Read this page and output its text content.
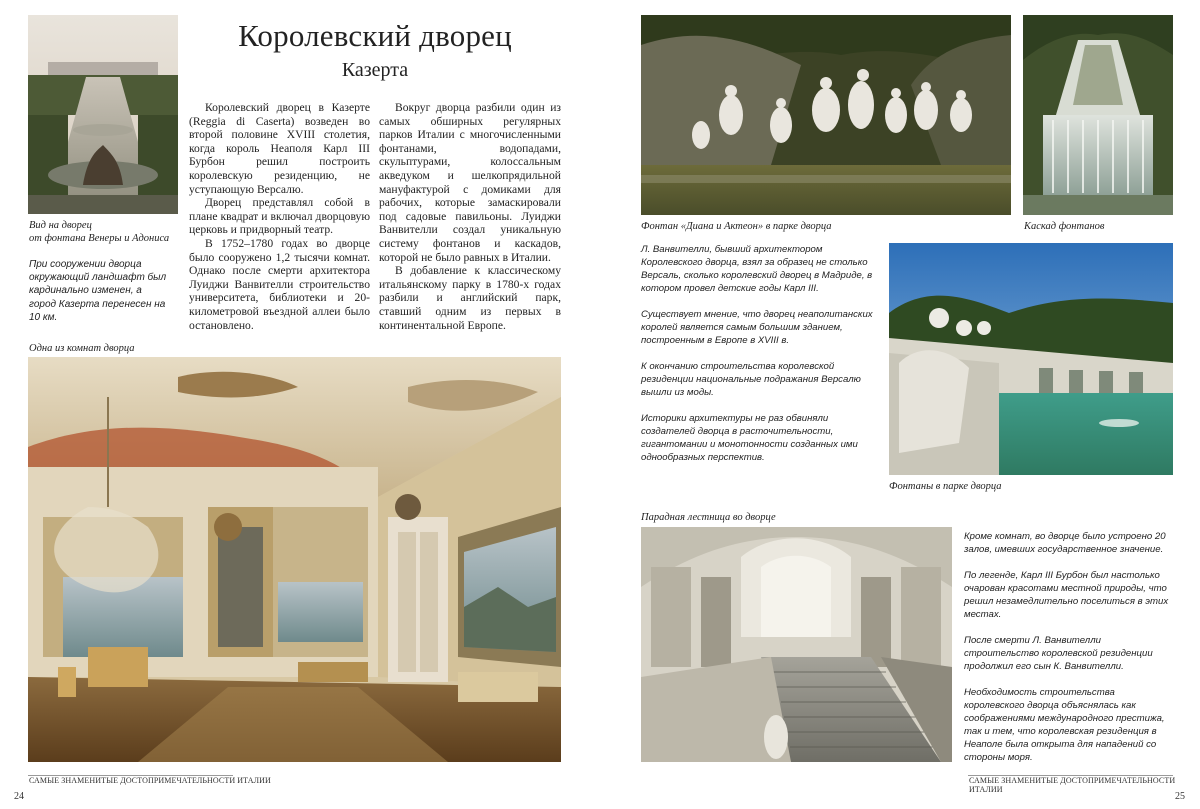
Вид на дворец
от фонтана Венеры и Адониса
При сооружении дворца окружающий ландшафт был кардинально изменен, а город Казерта перенесен на 10 км.
Королевский дворец
Казерта

Королевский дворец в Казерте (Reggia di Caserta) возведен во второй половине XVIII столетия, когда король Неаполя Карл III Бурбон решил построить королевскую резиденцию, не уступающую Версалю.

Дворец представлял собой в плане квадрат и включал дворцовую церковь и придворный театр.

В 1752–1780 годах во дворце было сооружено 1,2 тысячи комнат. Однако после смерти архитектора Луиджи Ванвителли строительство университета, библиотеки и 20-километровой въездной аллеи было остановлено.

Вокруг дворца разбили один из самых обширных регулярных парков Италии с многочисленными фонтанами, водопадами, скульптурами, колоссальным акведуком и шелкопрядильной мануфактурой с домиками для рабочих, которые замаскировали под садовые павильоны. Луиджи Ванвителли создал уникальную систему фонтанов и каскадов, которой не было равных в Италии.

В добавление к классическому итальянскому парку в 1780-х годах разбили и английский парк, ставший одним из первых в континентальной Европе.

Одна из комнат дворца
САМЫЕ ЗНАМЕНИТЫЕ ДОСТОПРИМЕЧАТЕЛЬНОСТИ ИТАЛИИ
24
Фонтан «Диана и Актеон» в парке дворца	Каскад фонтанов

Л. Ванвителли, бывший архитектором Королевского дворца, взял за образец не столько Версаль, сколько королевский дворец в Мадриде, в котором провел детские годы Карл III.

Существует мнение, что дворец неаполитанских королей является самым большим зданием, построенным в Европе в XVIII в.

К окончанию строительства королевской резиденции национальные подражания Версалю вышли из моды.

Историки архитектуры не раз обвиняли создателей дворца в расточительности, гигантомании и монотонности созданных ими однообразных перспектив.

Фонтаны в парке дворца
Парадная лестница во дворце

Кроме комнат, во дворце было устроено 20 залов, имевших государственное значение.

По легенде, Карл III Бурбон был настолько очарован красотами местной природы, что решил незамедлительно поселиться в этих местах.

После смерти Л. Ванвителли строительство королевской резиденции продолжил его сын К. Ванвителли.

Необходимость строительства королевского дворца объяснялась как соображениями международного престижа, так и тем, что королевская резиденция в Неаполе была открыта для нападений со стороны моря.

САМЫЕ ЗНАМЕНИТЫЕ ДОСТОПРИМЕЧАТЕЛЬНОСТИ ИТАЛИИ
25
